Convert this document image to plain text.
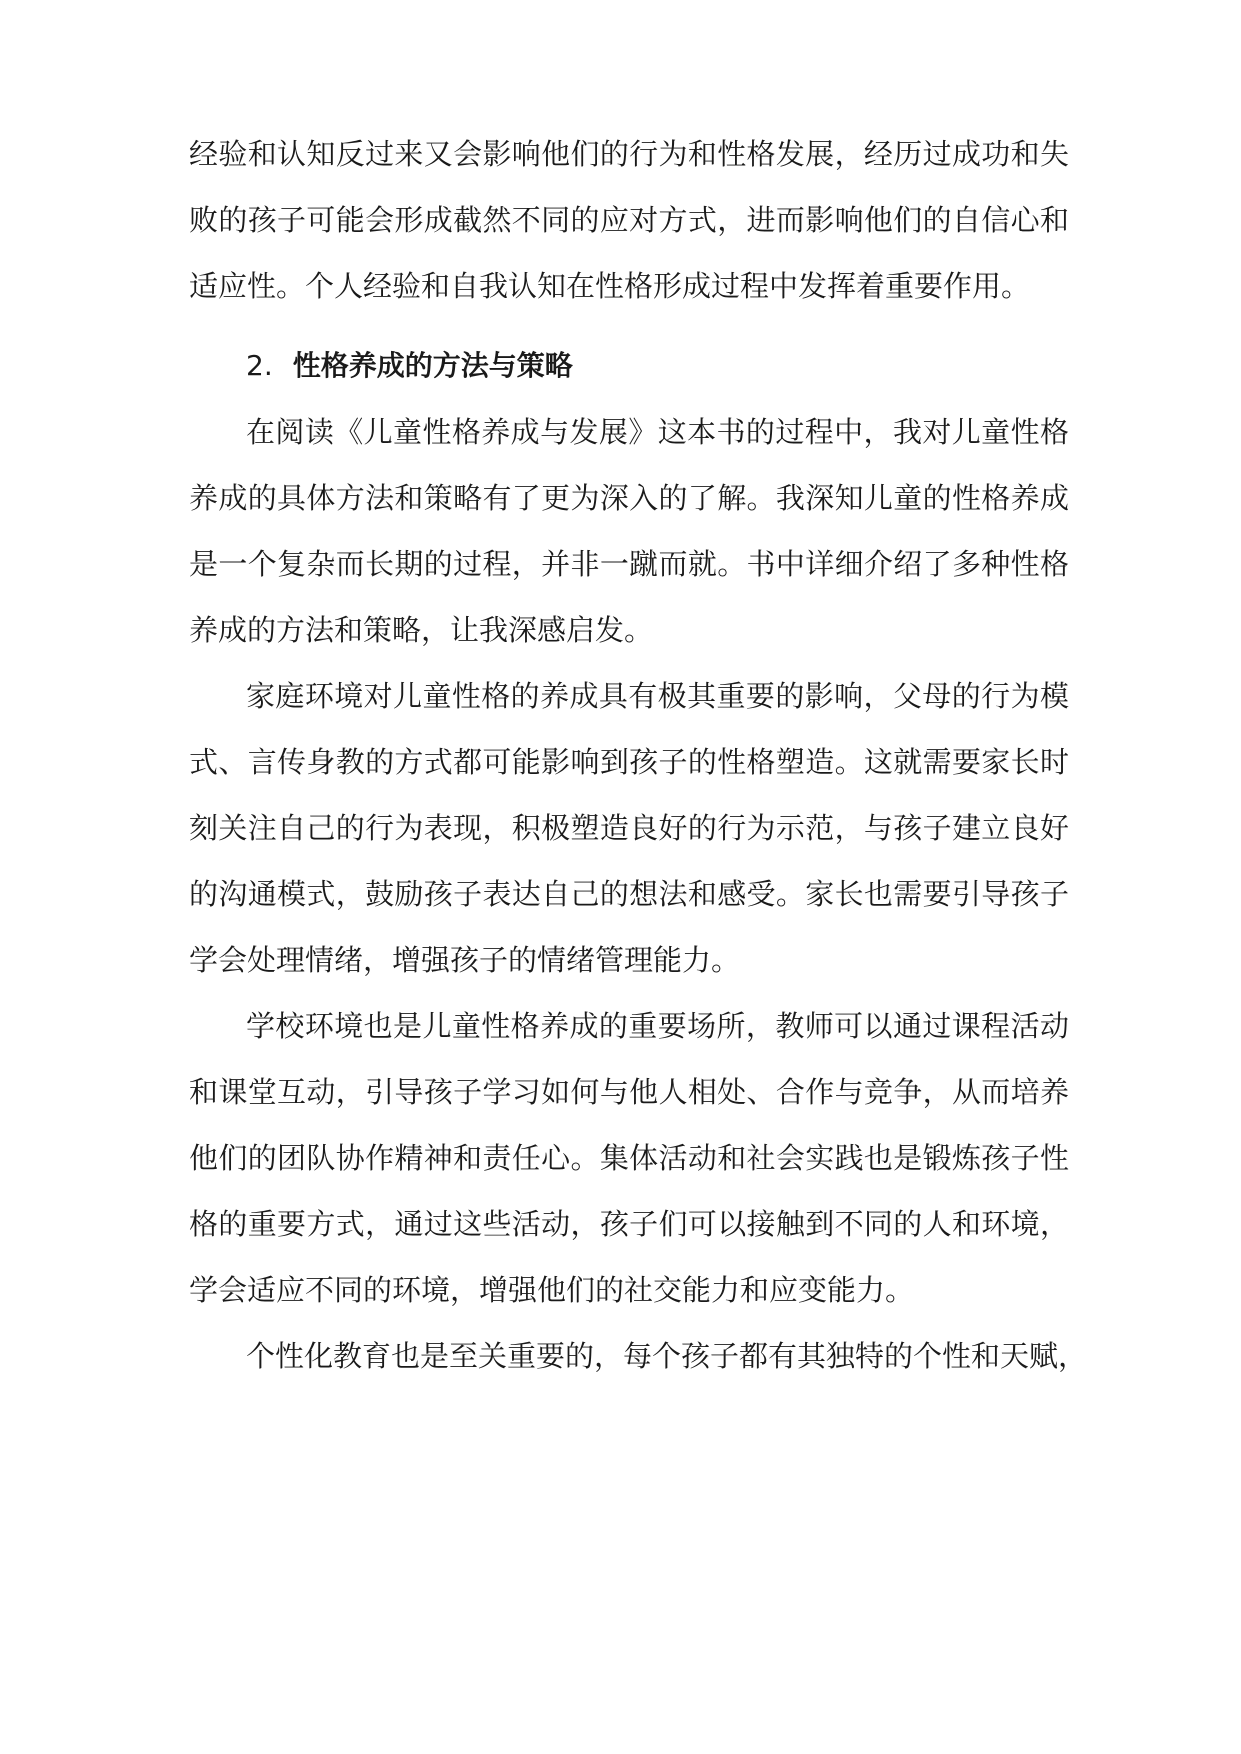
经验和认知反过来又会影响他们的行为和性格发展，经历过成功和失
败的孩子可能会形成截然不同的应对方式，进而影响他们的自信心和
适应性。个人经验和自我认知在性格形成过程中发挥着重要作用。
2. 性格养成的方法与策略
在阅读《儿童性格养成与发展》这本书的过程中，我对儿童性格
养成的具体方法和策略有了更为深入的了解。我深知儿童的性格养成
是一个复杂而长期的过程，并非一蹴而就。书中详细介绍了多种性格
养成的方法和策略，让我深感启发。
家庭环境对儿童性格的养成具有极其重要的影响，父母的行为模
式、言传身教的方式都可能影响到孩子的性格塑造。这就需要家长时
刻关注自己的行为表现，积极塑造良好的行为示范，与孩子建立良好
的沟通模式，鼓励孩子表达自己的想法和感受。家长也需要引导孩子
学会处理情绪，增强孩子的情绪管理能力。
学校环境也是儿童性格养成的重要场所，教师可以通过课程活动
和课堂互动，引导孩子学习如何与他人相处、合作与竞争，从而培养
他们的团队协作精神和责任心。集体活动和社会实践也是锻炼孩子性
格的重要方式，通过这些活动，孩子们可以接触到不同的人和环境，
学会适应不同的环境，增强他们的社交能力和应变能力。
个性化教育也是至关重要的，每个孩子都有其独特的个性和天赋，
